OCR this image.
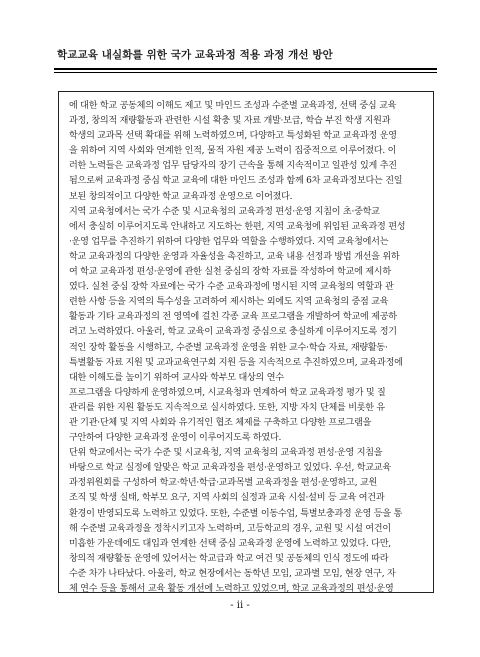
학교교육 내실화를 위한 국가 교육과정 적용 과정 개선 방안
에 대한 학교 공동체의 이해도 제고 및 마인드 조성과 수준별 교육과정, 선택 중심 교육
과정, 창의적 재량활동과 관련한 시설 확충 및 자료 개발·보급, 학습 부진 학생 지원과
학생의 교과목 선택 확대를 위해 노력하였으며, 다양하고 특성화된 학교 교육과정 운영
을 위하여 지역 사회와 연계한 인적, 물적 자원 제공 노력이 집중적으로 이루어졌다. 이
러한 노력들은 교육과정 업무 담당자의 장기 근속을 통해 지속적이고 일관성 있게 추진
됨으로써 교육과정 중심 학교 교육에 대한 마인드 조성과 함께 6차 교육과정보다는 진일
보된 창의적이고 다양한 학교 교육과정 운영으로 이어졌다.
지역 교육청에서는 국가 수준 및 시교육청의 교육과정 편성·운영 지침이 초·중학교
에서 충실히 이루어지도록 안내하고 지도하는 한편, 지역 교육청에 위임된 교육과정 편성
·운영 업무를 추진하기 위하여 다양한 업무와 역할을 수행하였다. 지역 교육청에서는
학교 교육과정의 다양한 운영과 자율성을 촉진하고, 교육 내용 선정과 방법 개선을 위하
여 학교 교육과정 편성·운영에 관한 실천 중심의 장학 자료를 작성하여 학교에 제시하
였다. 실천 중심 장학 자료에는 국가 수준 교육과정에 명시된 지역 교육청의 역할과 관
련한 사항 등을 지역의 특수성을 고려하여 제시하는 외에도 지역 교육청의 중점 교육
활동과 기타 교육과정의 전 영역에 걸친 각종 교육 프로그램을 개발하여 학교에 제공하
려고 노력하였다. 아울러, 학교 교육이 교육과정 중심으로 충실하게 이루어지도록 정기
적인 장학 활동을 시행하고, 수준별 교육과정 운영을 위한 교수·학습 자료, 재량활동·
특별활동 자료 지원 및 교과교육연구회 지원 등을 지속적으로 추진하였으며, 교육과정에
대한 이해도를 높이기 위하여 교사와 학부모 대상의 연수
프로그램을 다양하게 운영하였으며, 시교육청과 연계하여 학교 교육과정 평가 및 질
관리를 위한 지원 활동도 지속적으로 실시하였다. 또한, 지방 자치 단체를 비롯한 유
관 기관·단체 및 지역 사회와 유기적인 협조 체제를 구축하고 다양한 프로그램을
구안하여 다양한 교육과정 운영이 이루어지도록 하였다.
단위 학교에서는 국가 수준 및 시교육청, 지역 교육청의 교육과정 편성·운영 지침을
바탕으로 학교 실정에 알맞은 학교 교육과정을 편성·운영하고 있었다. 우선, 학교교육
과정위원회를 구성하여 학교·학년·학급·교과목별 교육과정을 편성·운영하고, 교원
조직 및 학생 실태, 학부모 요구, 지역 사회의 실정과 교육 시설·설비 등 교육 여건과
환경이 반영되도록 노력하고 있었다. 또한, 수준별 이동수업, 특별보충과정 운영 등을 통
해 수준별 교육과정을 정착시키고자 노력하며, 고등학교의 경우, 교원 및 시설 여건이
미흡한 가운데에도 대입과 연계한 선택 중심 교육과정 운영에 노력하고 있었다. 다만,
창의적 재량활동 운영에 있어서는 학교급과 학교 여건 및 공동체의 인식 정도에 따라
수준 차가 나타났다. 아울러, 학교 현장에서는 동학년 모임, 교과별 모임, 현장 연구, 자
체 연수 등을 통해서 교육 활동 개선에 노력하고 있었으며, 학교 교육과정의 편성·운영
- ii -
